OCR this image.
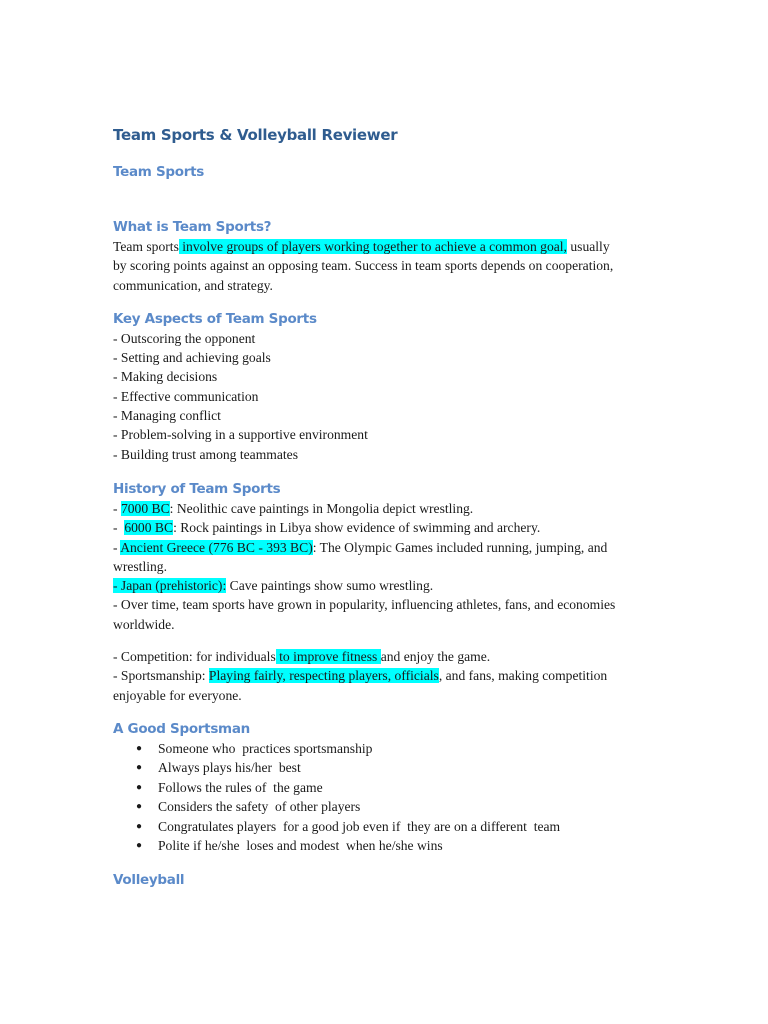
Team Sports & Volleyball Reviewer
Team Sports
What is Team Sports?

Team sports involve groups of players working together to achieve a common goal, usually
by scoring points against an opposing team. Success in team sports depends on cooperation,
communication, and strategy.

Key Aspects of Team Sports
- Outscoring the opponent
- Setting and achieving goals
- Making decisions
- Effective communication
- Managing conflict
- Problem-solving in a supportive environment
- Building trust among teammates
History of Team Sports
- 7000 BC: Neolithic cave paintings in Mongolia depict wrestling.
-  6000 BC: Rock paintings in Libya show evidence of swimming and archery.
- Ancient Greece (776 BC - 393 BC): The Olympic Games included running, jumping, and
wrestling.
- Japan (prehistoric): Cave paintings show sumo wrestling.
- Over time, team sports have grown in popularity, influencing athletes, fans, and economies
worldwide.
- Competition: for individuals to improve fitness and enjoy the game.
- Sportsmanship: Playing fairly, respecting players, officials, and fans, making competition
enjoyable for everyone.
A Good Sportsman
● Someone who  practices sportsmanship
● Always plays his/her  best
● Follows the rules of  the game
● Considers the safety  of other players
● Congratulates players  for a good job even if  they are on a different  team
● Polite if he/she  loses and modest  when he/she wins
Volleyball
